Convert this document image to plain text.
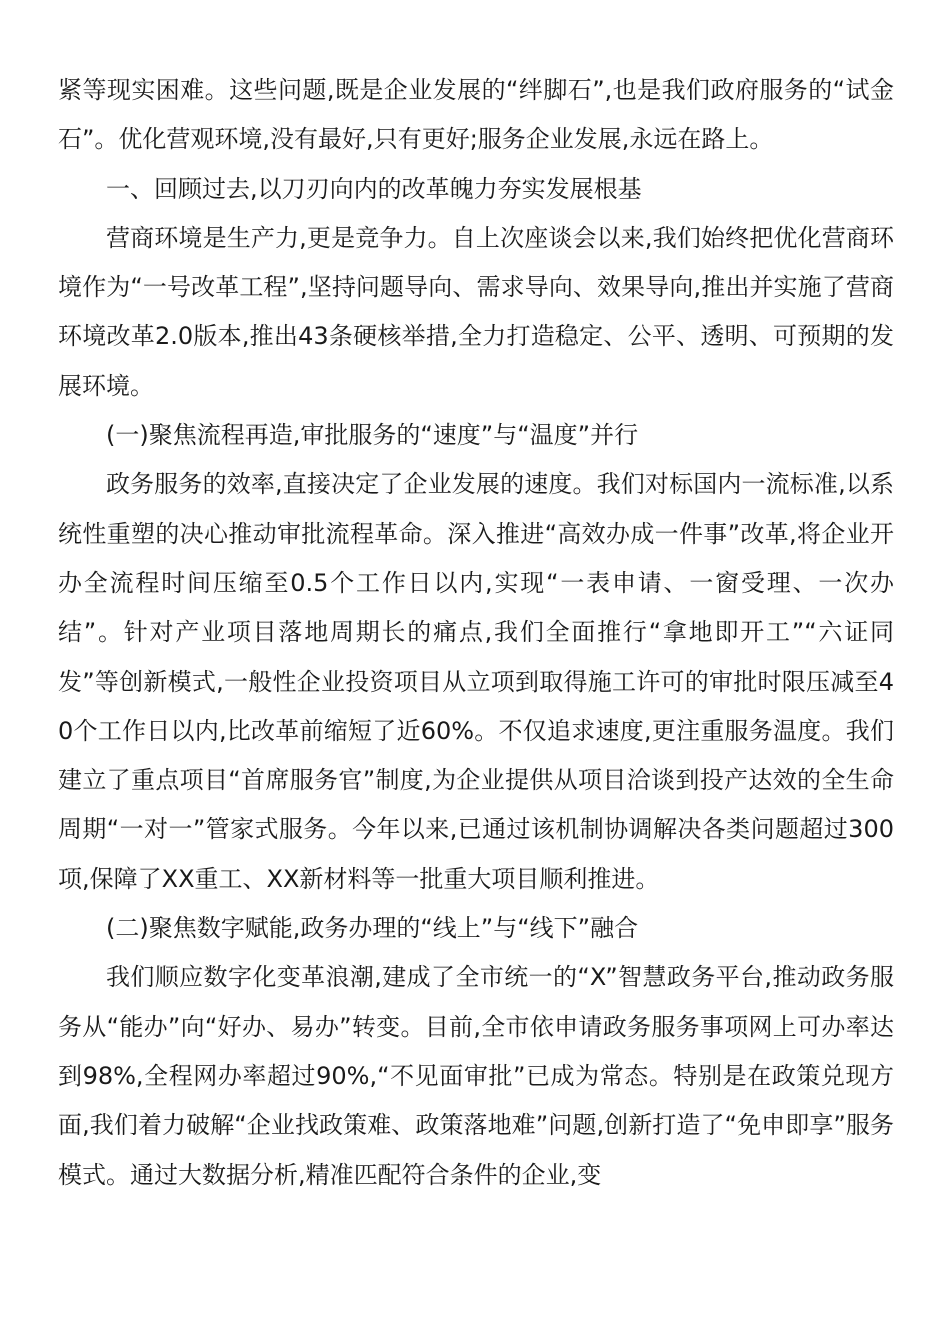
紧等现实困难。这些问题,既是企业发展的“绊脚石”,也是我们政府服务的“试金石”。优化营观环境,没有最好,只有更好;服务企业发展,永远在路上。

一、回顾过去,以刀刃向内的改革魄力夯实发展根基

营商环境是生产力,更是竞争力。自上次座谈会以来,我们始终把优化营商环境作为“一号改革工程”,坚持问题导向、需求导向、效果导向,推出并实施了营商环境改革2.0版本,推出43条硬核举措,全力打造稳定、公平、透明、可预期的发展环境。

(一)聚焦流程再造,审批服务的“速度”与“温度”并行

政务服务的效率,直接决定了企业发展的速度。我们对标国内一流标准,以系统性重塑的决心推动审批流程革命。深入推进“高效办成一件事”改革,将企业开办全流程时间压缩至0.5个工作日以内,实现“一表申请、一窗受理、一次办结”。针对产业项目落地周期长的痛点,我们全面推行“拿地即开工”“六证同发”等创新模式,一般性企业投资项目从立项到取得施工许可的审批时限压减至40个工作日以内,比改革前缩短了近60%。不仅追求速度,更注重服务温度。我们建立了重点项目“首席服务官”制度,为企业提供从项目洽谈到投产达效的全生命周期“一对一”管家式服务。今年以来,已通过该机制协调解决各类问题超过300项,保障了XX重工、XX新材料等一批重大项目顺利推进。

(二)聚焦数字赋能,政务办理的“线上”与“线下”融合

我们顺应数字化变革浪潮,建成了全市统一的“X”智慧政务平台,推动政务服务从“能办”向“好办、易办”转变。目前,全市依申请政务服务事项网上可办率达到98%,全程网办率超过90%,“不见面审批”已成为常态。特别是在政策兑现方面,我们着力破解“企业找政策难、政策落地难”问题,创新打造了“免申即享”服务模式。通过大数据分析,精准匹配符合条件的企业,变
